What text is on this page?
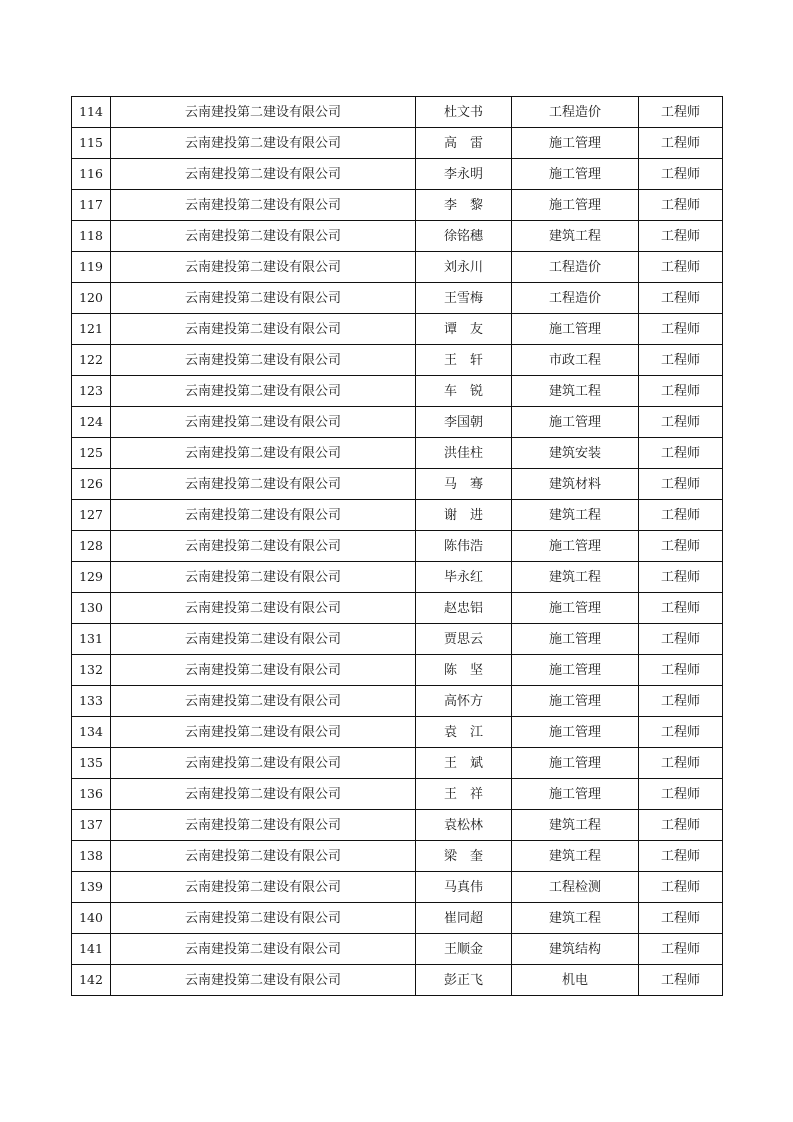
114	云南建投第二建设有限公司	杜文书	工程造价	工程师
115	云南建投第二建设有限公司	高　雷	施工管理	工程师
116	云南建投第二建设有限公司	李永明	施工管理	工程师
117	云南建投第二建设有限公司	李　黎	施工管理	工程师
118	云南建投第二建设有限公司	徐铭穗	建筑工程	工程师
119	云南建投第二建设有限公司	刘永川	工程造价	工程师
120	云南建投第二建设有限公司	王雪梅	工程造价	工程师
121	云南建投第二建设有限公司	谭　友	施工管理	工程师
122	云南建投第二建设有限公司	王　轩	市政工程	工程师
123	云南建投第二建设有限公司	车　锐	建筑工程	工程师
124	云南建投第二建设有限公司	李国朝	施工管理	工程师
125	云南建投第二建设有限公司	洪佳柱	建筑安装	工程师
126	云南建投第二建设有限公司	马　骞	建筑材料	工程师
127	云南建投第二建设有限公司	谢　进	建筑工程	工程师
128	云南建投第二建设有限公司	陈伟浩	施工管理	工程师
129	云南建投第二建设有限公司	毕永红	建筑工程	工程师
130	云南建投第二建设有限公司	赵忠铝	施工管理	工程师
131	云南建投第二建设有限公司	贾思云	施工管理	工程师
132	云南建投第二建设有限公司	陈　坚	施工管理	工程师
133	云南建投第二建设有限公司	高怀方	施工管理	工程师
134	云南建投第二建设有限公司	袁　江	施工管理	工程师
135	云南建投第二建设有限公司	王　斌	施工管理	工程师
136	云南建投第二建设有限公司	王　祥	施工管理	工程师
137	云南建投第二建设有限公司	袁松林	建筑工程	工程师
138	云南建投第二建设有限公司	梁　奎	建筑工程	工程师
139	云南建投第二建设有限公司	马真伟	工程检测	工程师
140	云南建投第二建设有限公司	崔同超	建筑工程	工程师
141	云南建投第二建设有限公司	王顺金	建筑结构	工程师
142	云南建投第二建设有限公司	彭正飞	机电	工程师
